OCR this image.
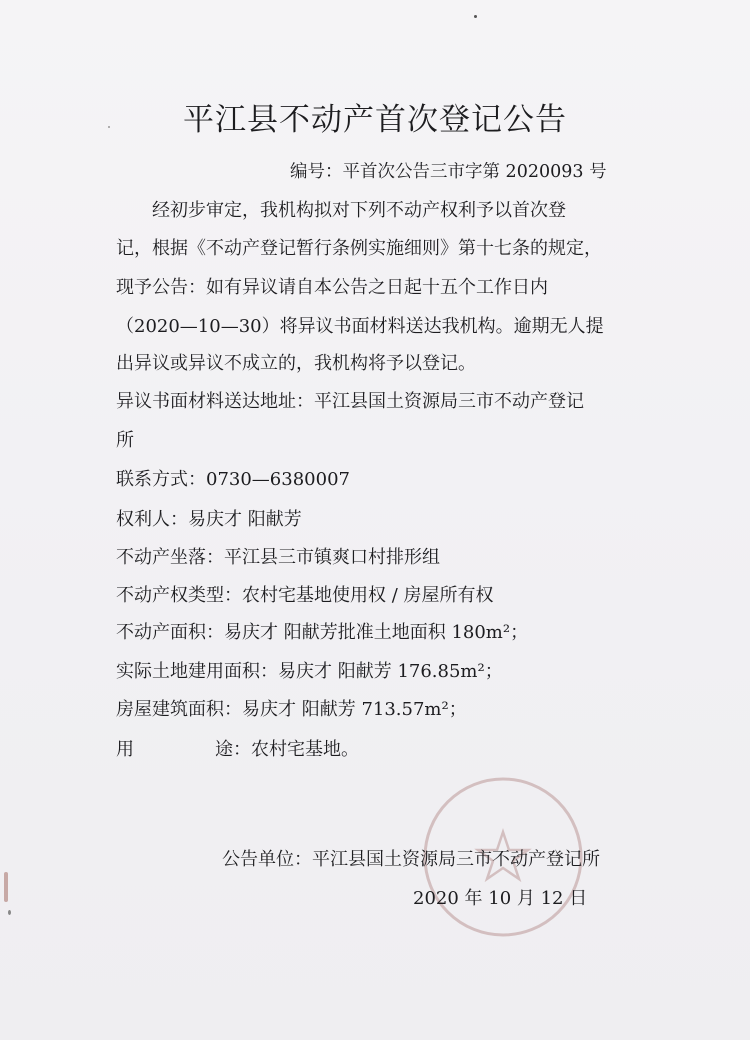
平江县不动产首次登记公告
编号：平首次公告三市字第 2020093 号
经初步审定，我机构拟对下列不动产权利予以首次登
记，根据《不动产登记暂行条例实施细则》第十七条的规定，
现予公告：如有异议请自本公告之日起十五个工作日内
（2020—10—30）将异议书面材料送达我机构。逾期无人提
出异议或异议不成立的，我机构将予以登记。
异议书面材料送达地址：平江县国土资源局三市不动产登记
所
联系方式：0730—6380007
权利人：易庆才 阳献芳
不动产坐落：平江县三市镇爽口村排形组
不动产权类型：农村宅基地使用权 / 房屋所有权
不动产面积：易庆才 阳献芳批准土地面积 180m²；
实际土地建用面积：易庆才 阳献芳 176.85m²；
房屋建筑面积：易庆才 阳献芳 713.57m²；
用	途：农村宅基地。
公告单位：平江县国土资源局三市不动产登记所
2020 年 10 月 12 日
